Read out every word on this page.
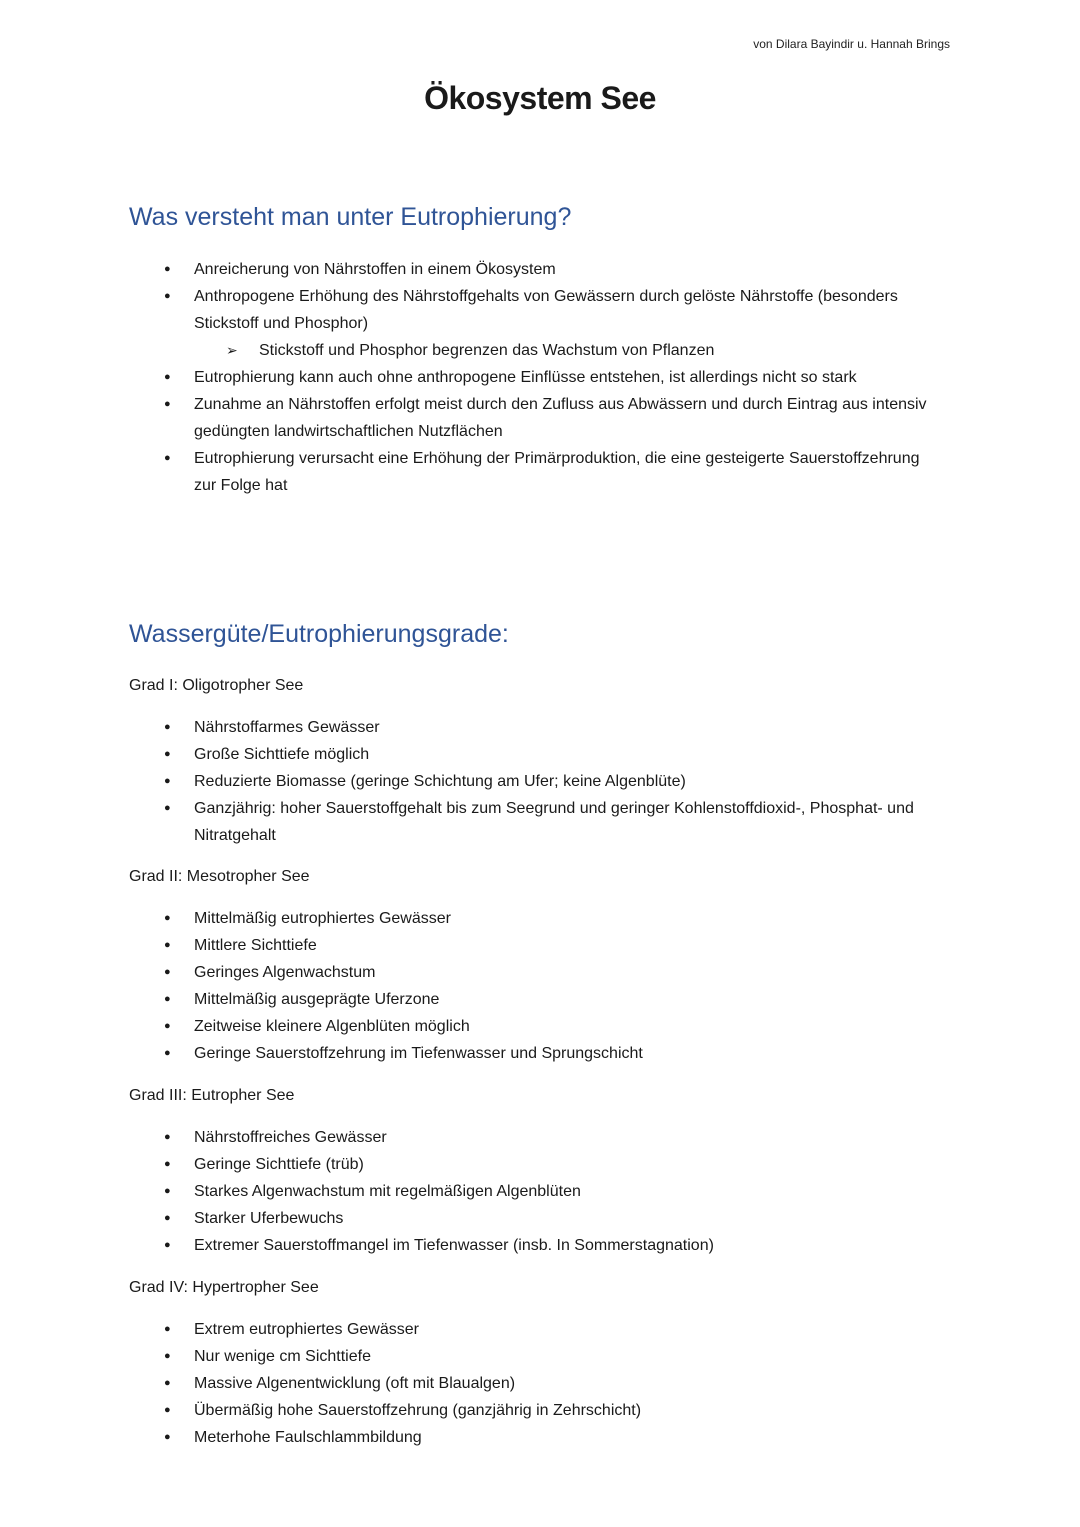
von Dilara Bayindir u. Hannah Brings
Ökosystem See
Was versteht man unter Eutrophierung?
● Anreicherung von Nährstoffen in einem Ökosystem
● Anthropogene Erhöhung des Nährstoffgehalts von Gewässern durch gelöste Nährstoffe (besonders Stickstoff und Phosphor)
➢ Stickstoff und Phosphor begrenzen das Wachstum von Pflanzen
● Eutrophierung kann auch ohne anthropogene Einflüsse entstehen, ist allerdings nicht so stark
● Zunahme an Nährstoffen erfolgt meist durch den Zufluss aus Abwässern und durch Eintrag aus intensiv gedüngten landwirtschaftlichen Nutzflächen
● Eutrophierung verursacht eine Erhöhung der Primärproduktion, die eine gesteigerte Sauerstoffzehrung zur Folge hat
Wassergüte/Eutrophierungsgrade:
Grad I: Oligotropher See
● Nährstoffarmes Gewässer
● Große Sichttiefe möglich
● Reduzierte Biomasse (geringe Schichtung am Ufer; keine Algenblüte)
● Ganzjährig: hoher Sauerstoffgehalt bis zum Seegrund und geringer Kohlenstoffdioxid-, Phosphat- und Nitratgehalt
Grad II: Mesotropher See
● Mittelmäßig eutrophiertes Gewässer
● Mittlere Sichttiefe
● Geringes Algenwachstum
● Mittelmäßig ausgeprägte Uferzone
● Zeitweise kleinere Algenblüten möglich
● Geringe Sauerstoffzehrung im Tiefenwasser und Sprungschicht
Grad III: Eutropher See
● Nährstoffreiches Gewässer
● Geringe Sichttiefe (trüb)
● Starkes Algenwachstum mit regelmäßigen Algenblüten
● Starker Uferbewuchs
● Extremer Sauerstoffmangel im Tiefenwasser (insb. In Sommerstagnation)
Grad IV: Hypertropher See
● Extrem eutrophiertes Gewässer
● Nur wenige cm Sichttiefe
● Massive Algenentwicklung (oft mit Blaualgen)
● Übermäßig hohe Sauerstoffzehrung (ganzjährig in Zehrschicht)
● Meterhohe Faulschlammbildung
